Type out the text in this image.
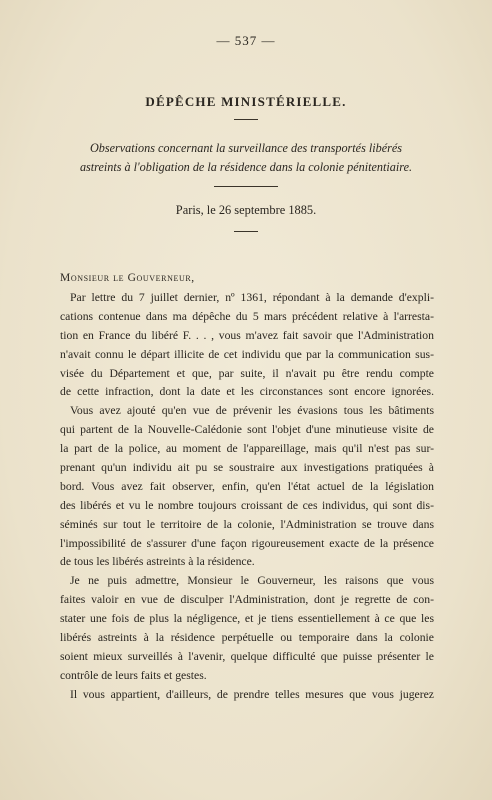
— 537 —
DÉPÊCHE MINISTÉRIELLE.
Observations concernant la surveillance des transportés libérés
astreints à l'obligation de la résidence dans la colonie pénitentiaire.
Paris, le 26 septembre 1885.
Monsieur le Gouverneur,
Par lettre du 7 juillet dernier, nº 1361, répondant à la demande d'expli-
cations contenue dans ma dépêche du 5 mars précédent relative à l'arresta-
tion en France du libéré F. . . , vous m'avez fait savoir que l'Administration
n'avait connu le départ illicite de cet individu que par la communication sus-
visée du Département et que, par suite, il n'avait pu être rendu compte
de cette infraction, dont la date et les circonstances sont encore ignorées.
Vous avez ajouté qu'en vue de prévenir les évasions tous les bâtiments
qui partent de la Nouvelle-Calédonie sont l'objet d'une minutieuse visite de
la part de la police, au moment de l'appareillage, mais qu'il n'est pas sur-
prenant qu'un individu ait pu se soustraire aux investigations pratiquées à
bord. Vous avez fait observer, enfin, qu'en l'état actuel de la législation
des libérés et vu le nombre toujours croissant de ces individus, qui sont dis-
séminés sur tout le territoire de la colonie, l'Administration se trouve dans
l'impossibilité de s'assurer d'une façon rigoureusement exacte de la présence
de tous les libérés astreints à la résidence.
Je ne puis admettre, Monsieur le Gouverneur, les raisons que vous
faites valoir en vue de disculper l'Administration, dont je regrette de con-
stater une fois de plus la négligence, et je tiens essentiellement à ce que les
libérés astreints à la résidence perpétuelle ou temporaire dans la colonie
soient mieux surveillés à l'avenir, quelque difficulté que puisse présenter le
contrôle de leurs faits et gestes.
Il vous appartient, d'ailleurs, de prendre telles mesures que vous jugerez
